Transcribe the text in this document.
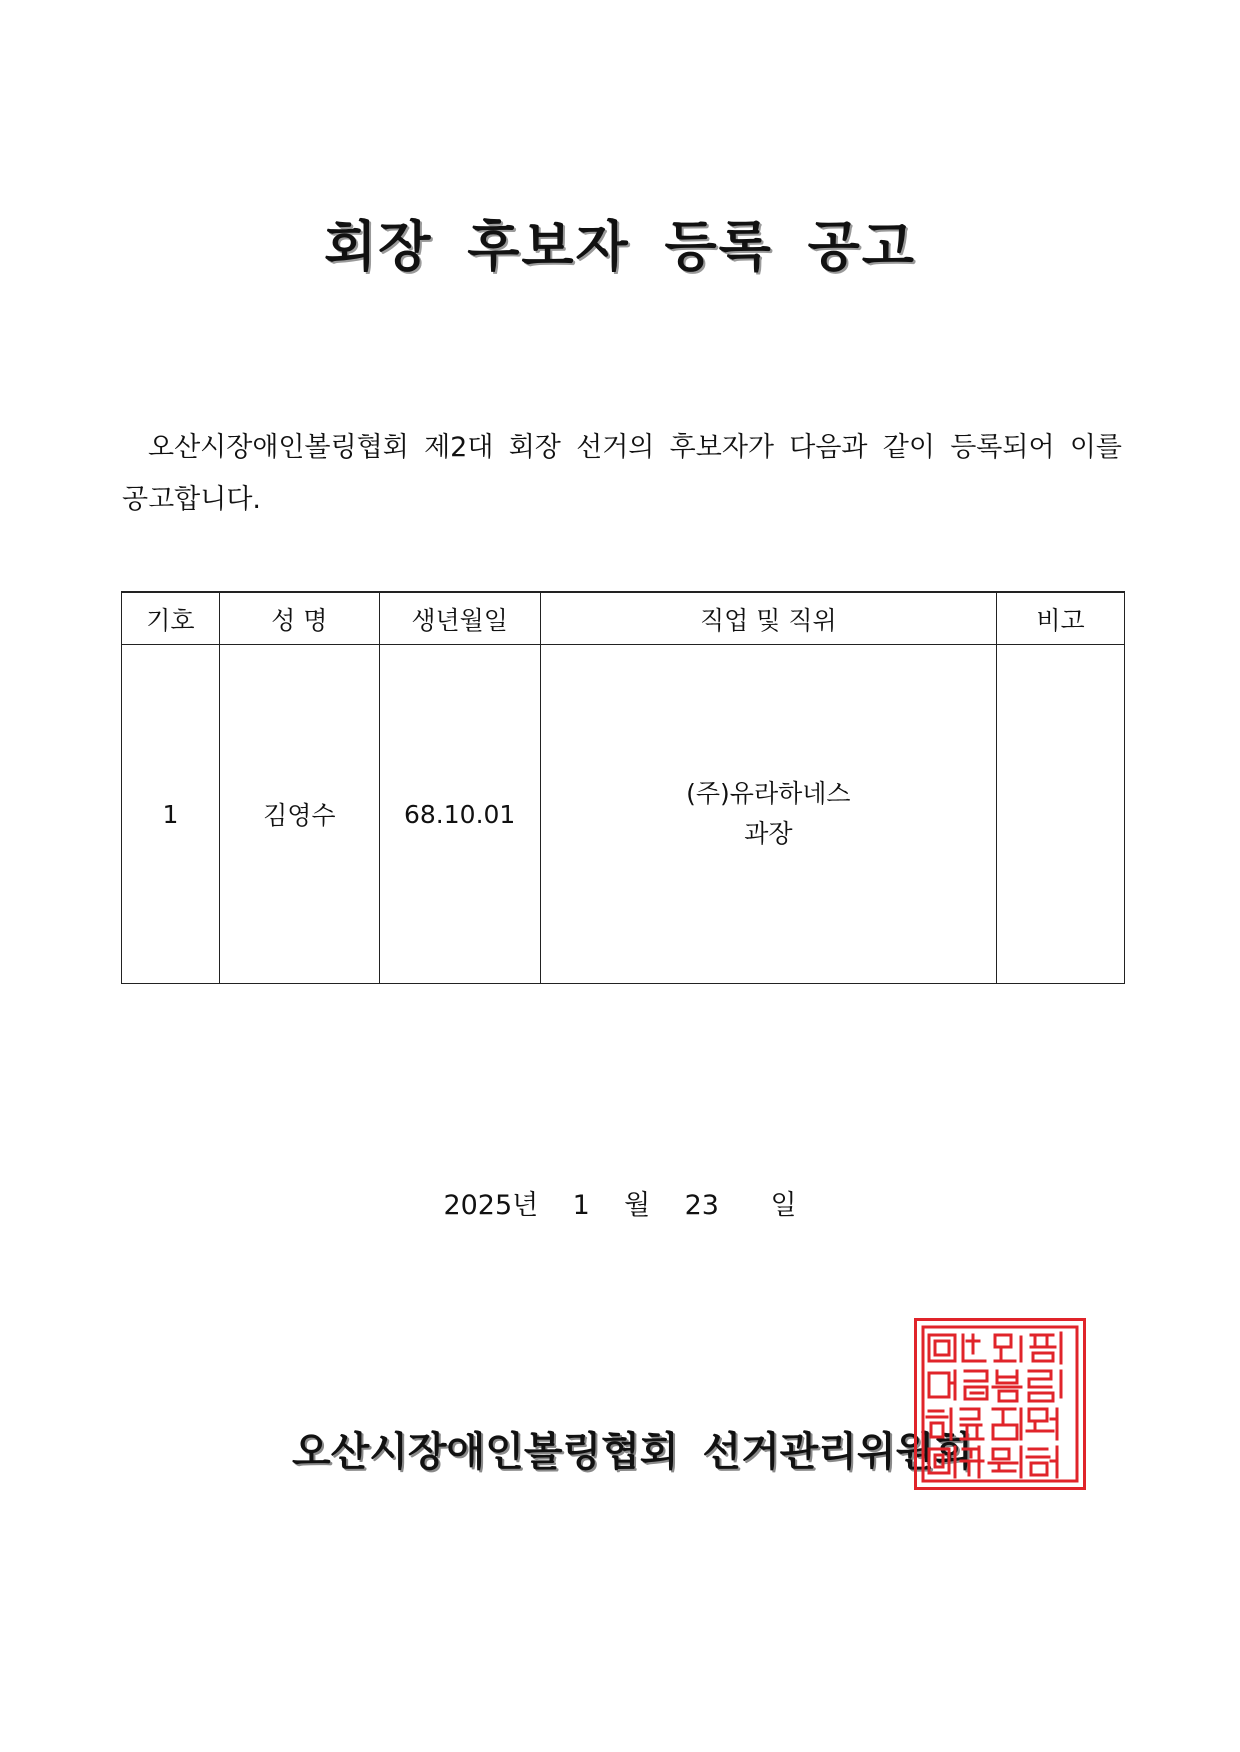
회장 후보자 등록 공고

오산시장애인볼링협회 제2대 회장 선거의 후보자가 다음과 같이 등록되어 이를 공고합니다.

기호	성 명	생년월일	직업 및 직위	비고
1	김영수	68.10.01	(주)유라하네스
과장	

2025년 1 월 23 일
오산시장애인볼링협회 선거관리위원회
